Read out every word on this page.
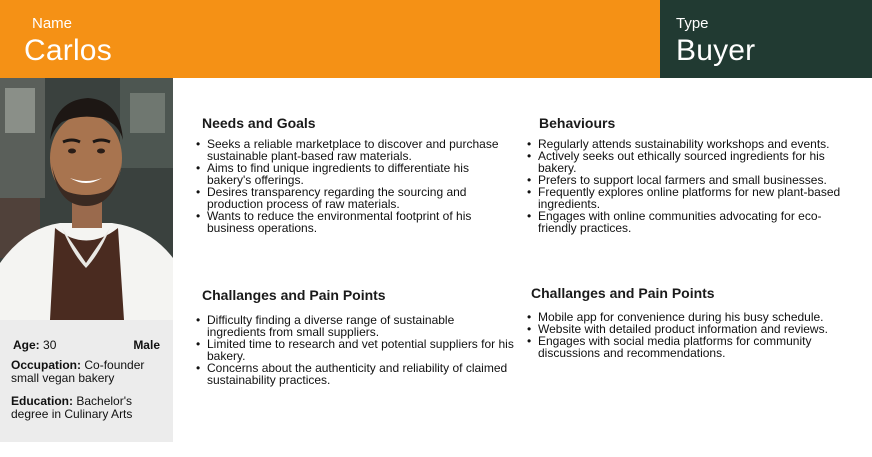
Name
Carlos
Type
Buyer
Age: 30	Male
Occupation: Co-founder small vegan bakery
Education: Bachelor's degree in Culinary Arts
Needs and Goals
• Seeks a reliable marketplace to discover and purchase sustainable plant-based raw materials.
• Aims to find unique ingredients to differentiate his bakery's offerings.
• Desires transparency regarding the sourcing and production process of raw materials.
• Wants to reduce the environmental footprint of his business operations.
Behaviours
• Regularly attends sustainability workshops and events.
• Actively seeks out ethically sourced ingredients for his bakery.
• Prefers to support local farmers and small businesses.
• Frequently explores online platforms for new plant-based ingredients.
• Engages with online communities advocating for eco-friendly practices.
Challanges and Pain Points
• Difficulty finding a diverse range of sustainable ingredients from small suppliers.
• Limited time to research and vet potential suppliers for his bakery.
• Concerns about the authenticity and reliability of claimed sustainability practices.
Challanges and Pain Points
• Mobile app for convenience during his busy schedule.
• Website with detailed product information and reviews.
• Engages with social media platforms for community discussions and recommendations.
